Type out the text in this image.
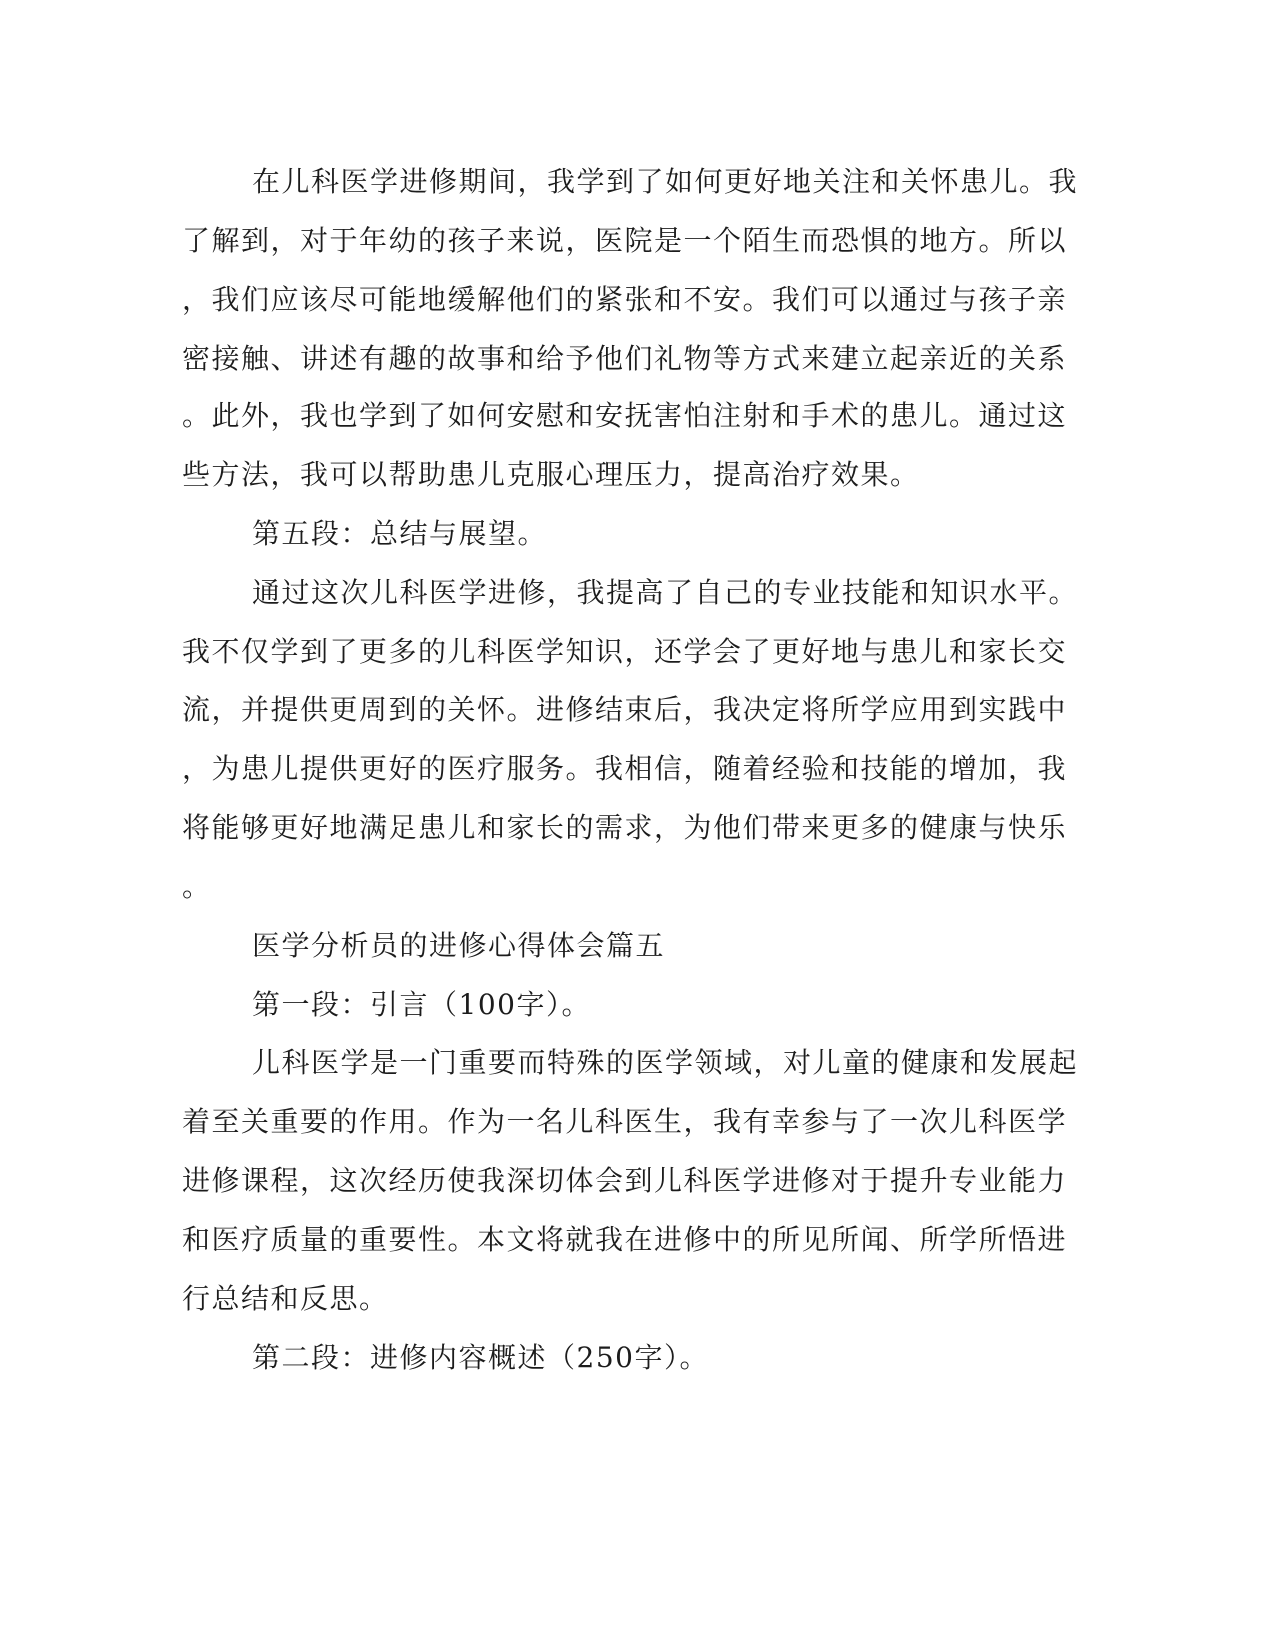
在儿科医学进修期间，我学到了如何更好地关注和关怀患儿。我
了解到，对于年幼的孩子来说，医院是一个陌生而恐惧的地方。所以
，我们应该尽可能地缓解他们的紧张和不安。我们可以通过与孩子亲
密接触、讲述有趣的故事和给予他们礼物等方式来建立起亲近的关系
。此外，我也学到了如何安慰和安抚害怕注射和手术的患儿。通过这
些方法，我可以帮助患儿克服心理压力，提高治疗效果。
第五段：总结与展望。
通过这次儿科医学进修，我提高了自己的专业技能和知识水平。
我不仅学到了更多的儿科医学知识，还学会了更好地与患儿和家长交
流，并提供更周到的关怀。进修结束后，我决定将所学应用到实践中
，为患儿提供更好的医疗服务。我相信，随着经验和技能的增加，我
将能够更好地满足患儿和家长的需求，为他们带来更多的健康与快乐
。
医学分析员的进修心得体会篇五
第一段：引言（100字）。
儿科医学是一门重要而特殊的医学领域，对儿童的健康和发展起
着至关重要的作用。作为一名儿科医生，我有幸参与了一次儿科医学
进修课程，这次经历使我深切体会到儿科医学进修对于提升专业能力
和医疗质量的重要性。本文将就我在进修中的所见所闻、所学所悟进
行总结和反思。
第二段：进修内容概述（250字）。
